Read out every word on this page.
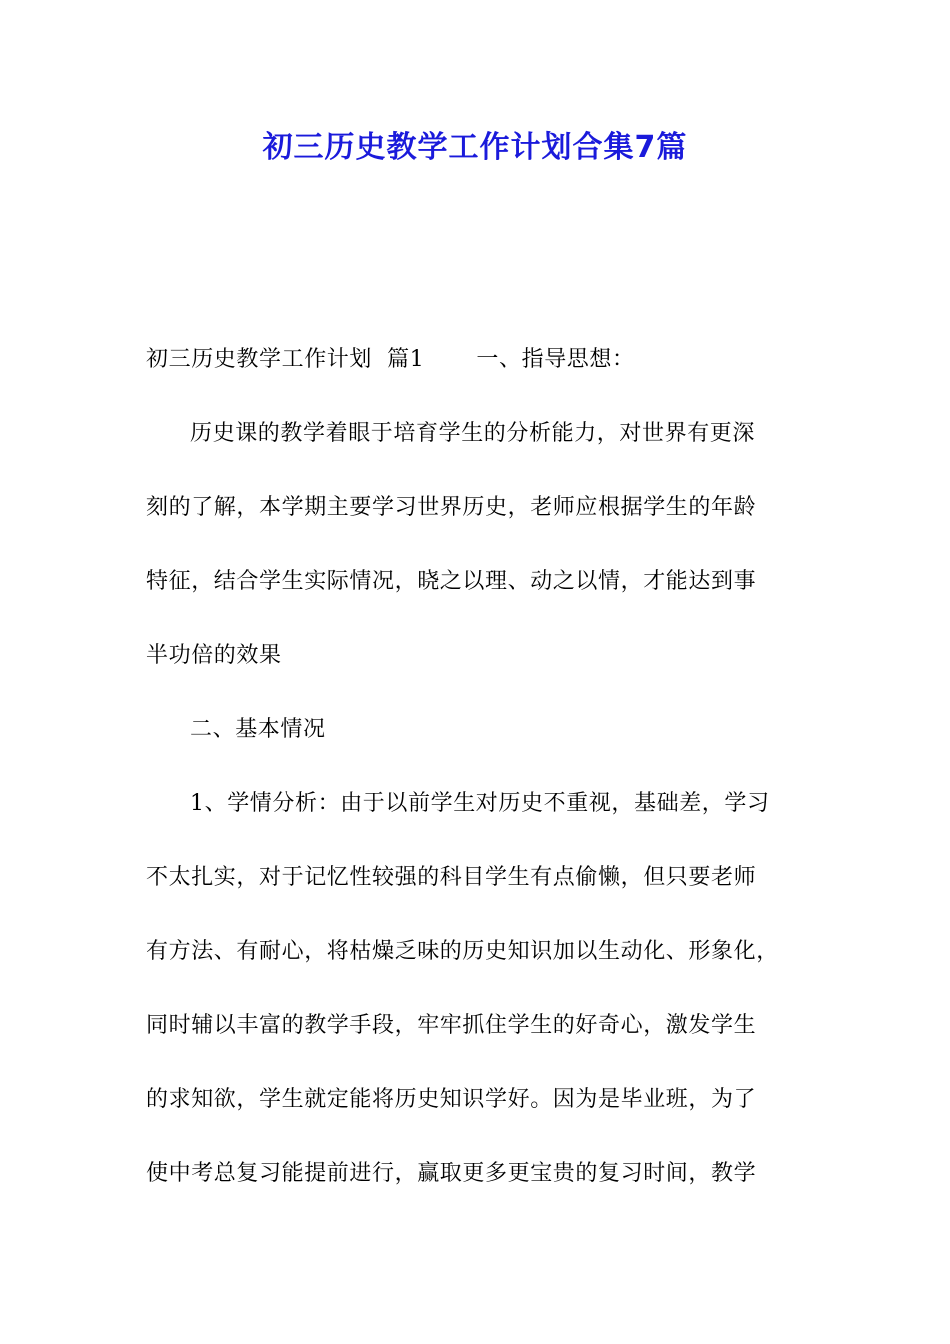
初三历史教学工作计划合集7篇
初三历史教学工作计划  篇1 一、指导思想：
历史课的教学着眼于培育学生的分析能力，对世界有更深
刻的了解，本学期主要学习世界历史，老师应根据学生的年龄
特征，结合学生实际情况，晓之以理、动之以情，才能达到事
半功倍的效果
二、基本情况
1、学情分析：由于以前学生对历史不重视，基础差，学习
不太扎实，对于记忆性较强的科目学生有点偷懒，但只要老师
有方法、有耐心，将枯燥乏味的历史知识加以生动化、形象化，
同时辅以丰富的教学手段，牢牢抓住学生的好奇心，激发学生
的求知欲，学生就定能将历史知识学好。因为是毕业班，为了
使中考总复习能提前进行，赢取更多更宝贵的复习时间，教学
